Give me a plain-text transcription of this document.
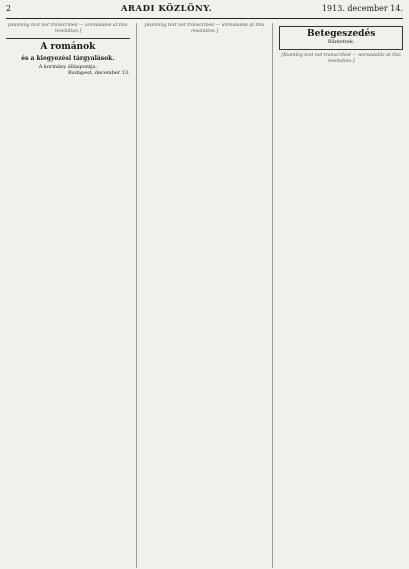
2	ARADI KÖZLÖNY.	1913. december 14.

[Running text not transcribed — unreadable at this resolution.]

A románok
és a kiegyezési tárgyalások.
A kormány álláspontja.
Budapest, december 13.

[Running text not transcribed — unreadable at this resolution.]	Betegeszedés
Bűntettek.

[Running text not transcribed — unreadable at this resolution.]
